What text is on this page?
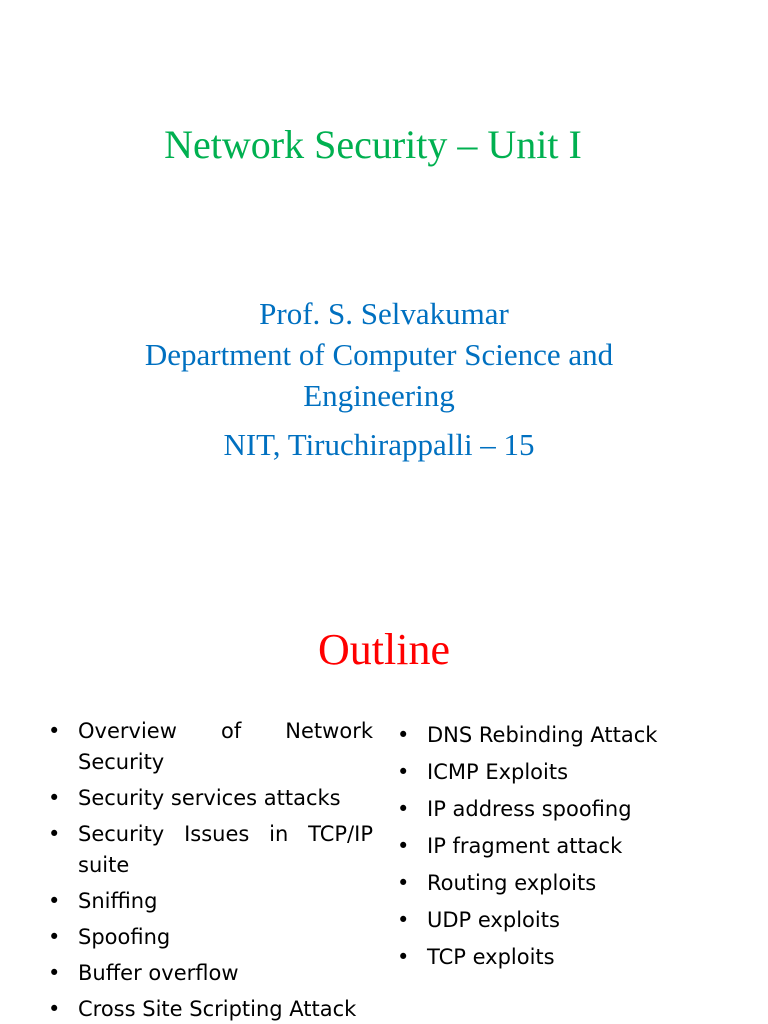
Network Security – Unit I
Prof. S. Selvakumar
Department of Computer Science and Engineering
NIT, Tiruchirappalli – 15
Outline
• Overview of Network Security
• Security services attacks
• Security Issues in TCP/IP suite
• Sniffing
• Spoofing
• Buffer overflow
• Cross Site Scripting Attack
• DNS Rebinding Attack
• ICMP Exploits
• IP address spoofing
• IP fragment attack
• Routing exploits
• UDP exploits
• TCP exploits
